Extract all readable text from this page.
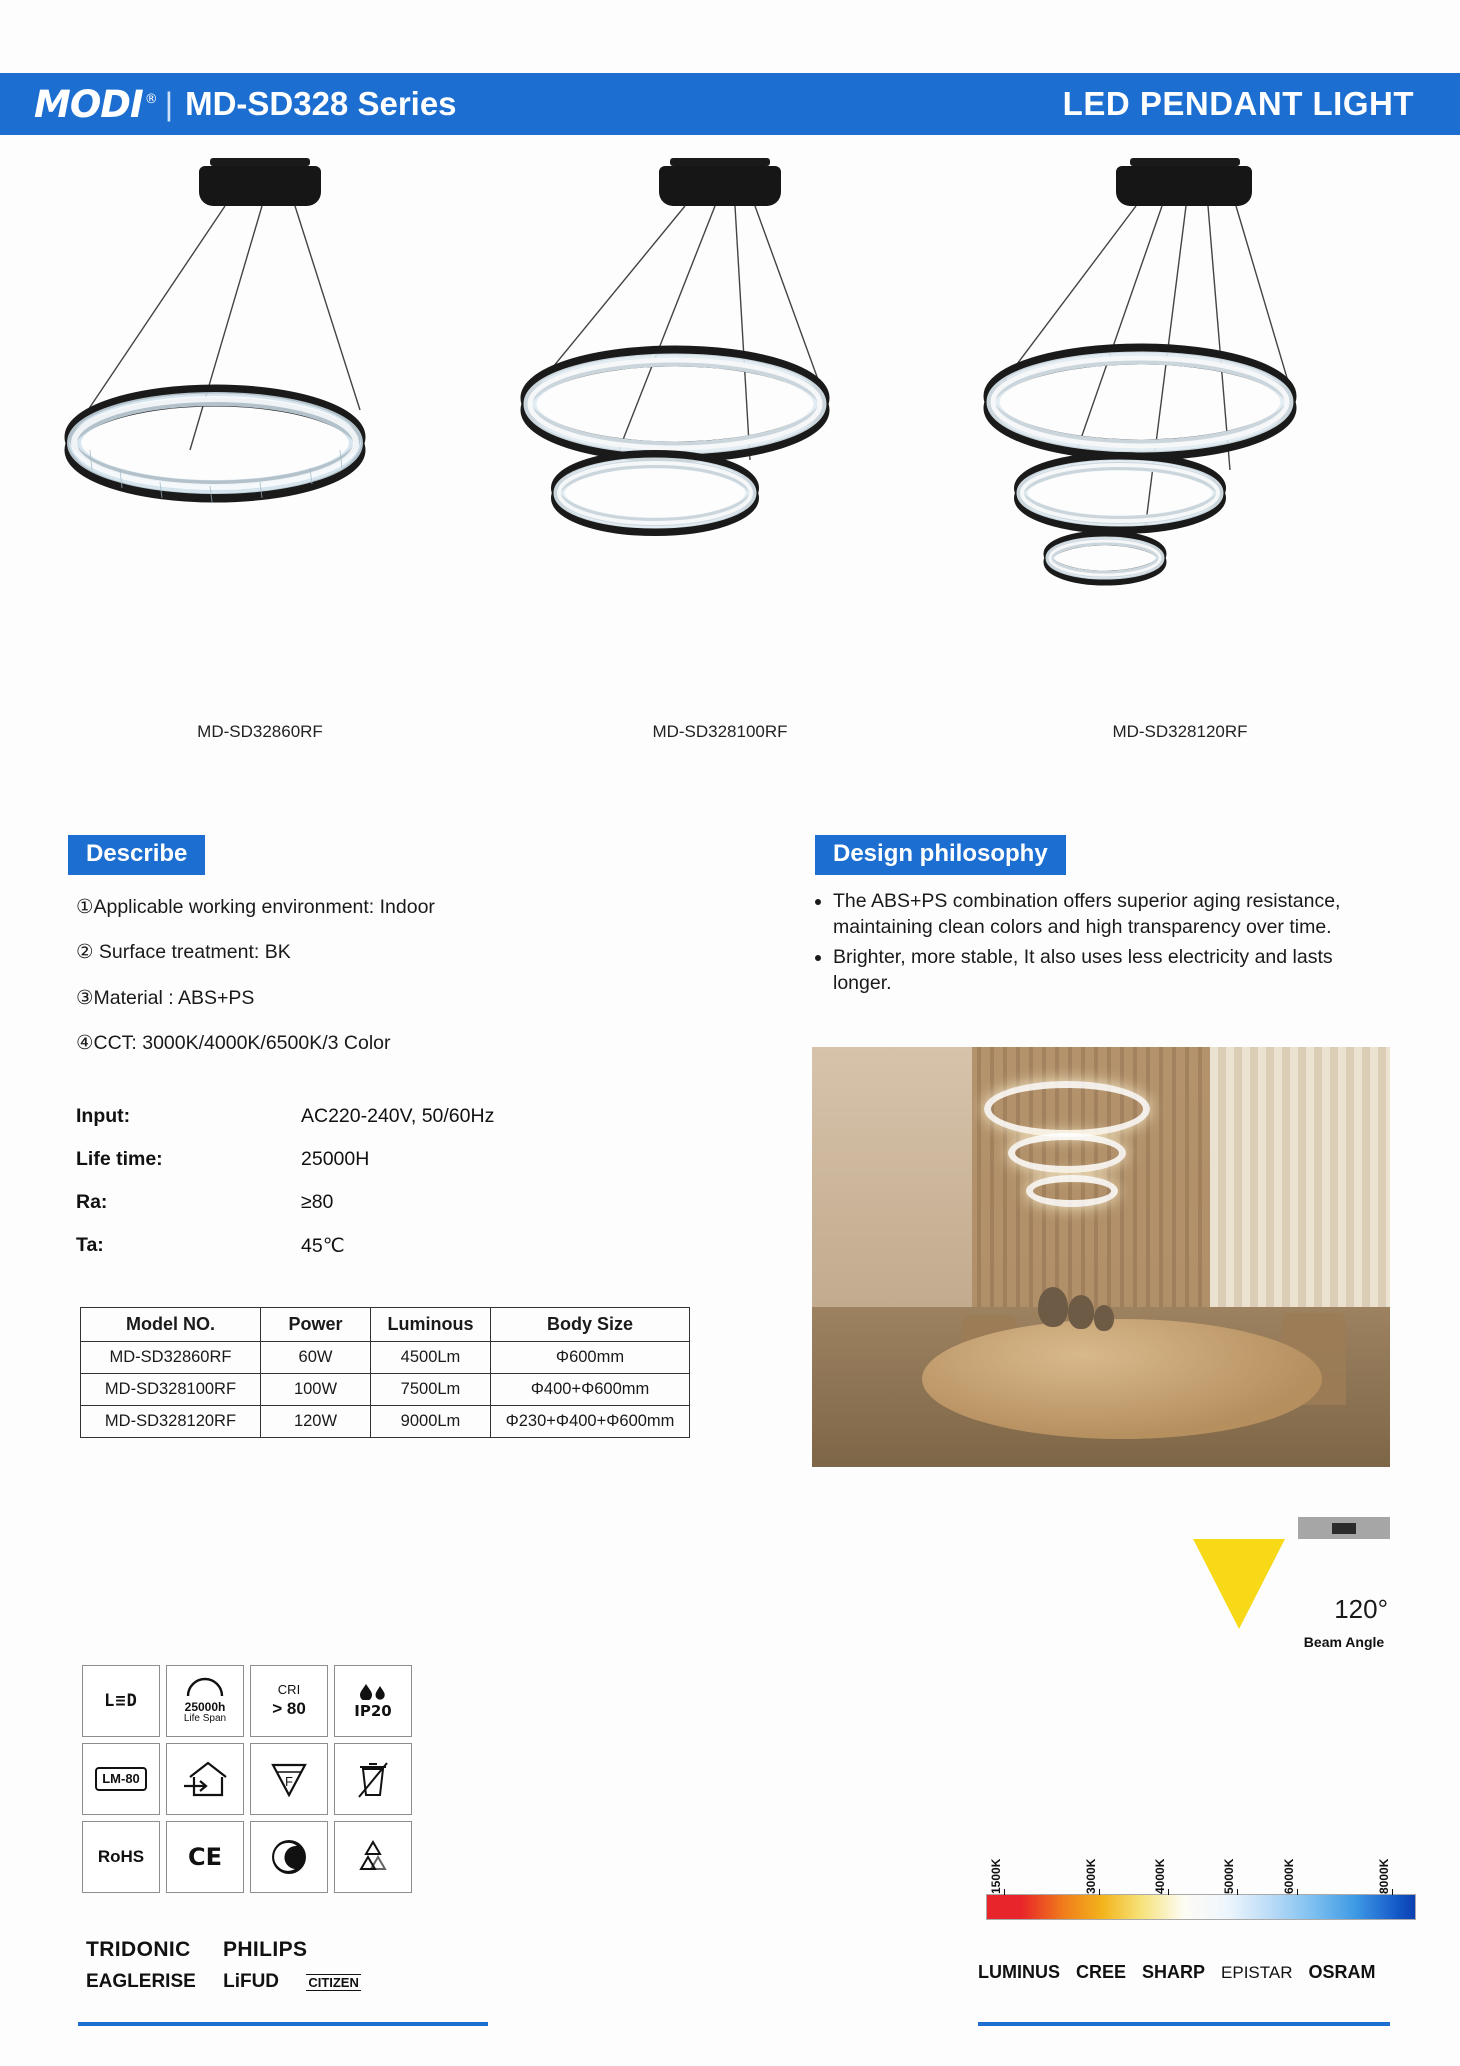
MODI ® | MD-SD328 Series	LED PENDANT LIGHT
MD-SD32860RF	MD-SD328100RF	MD-SD328120RF
Describe
①Applicable working environment: Indoor
② Surface treatment: BK
③Material : ABS+PS
④CCT: 3000K/4000K/6500K/3 Color
Input:	AC220-240V, 50/60Hz
Life time:	25000H
Ra:	≥80
Ta:	45℃
Model NO.	Power	Luminous	Body Size
MD-SD32860RF	60W	4500Lm	Φ600mm
MD-SD328100RF	100W	7500Lm	Φ400+Φ600mm
MD-SD328120RF	120W	9000Lm	Φ230+Φ400+Φ600mm
Design philosophy
• The ABS+PS combination offers superior aging resistance, maintaining clean colors and high transparency over time.
• Brighter, more stable, It also uses less electricity and lasts longer.
120°
Beam Angle
L≡D	25000h
Life Span
CRI
> 80	IP20
LM-80	F
RoHS CE
TRIDONIC PHILIPS
EAGLERISE LiFUD CITIZEN
1500K	3000K	4000K	5000K	6000K	8000K
LUMINUS CREE SHARP EPISTAR OSRAM
